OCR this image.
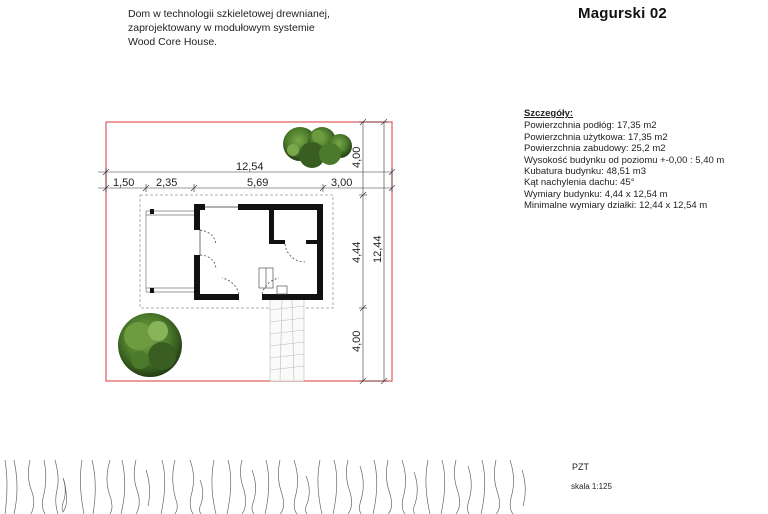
Dom w technologii szkieletowej drewnianej,
zaprojektowany w modułowym systemie
Wood Core House.
Magurski 02
Szczegóły:
Powierzchnia podłóg: 17,35 m2
Powierzchnia użytkowa: 17,35 m2
Powierzchnia zabudowy: 25,2 m2
Wysokość budynku od poziomu +-0,00 : 5,40 m
Kubatura budynku: 48,51 m3
Kąt nachylenia dachu: 45°
Wymiary budynku: 4,44 x 12,54 m
Minimalne wymiary działki: 12,44 x 12,54 m
12,54
1,50 2,35	5,69	3,00
4,00
4,44 12,44
4,00
PZT
skala 1:125
